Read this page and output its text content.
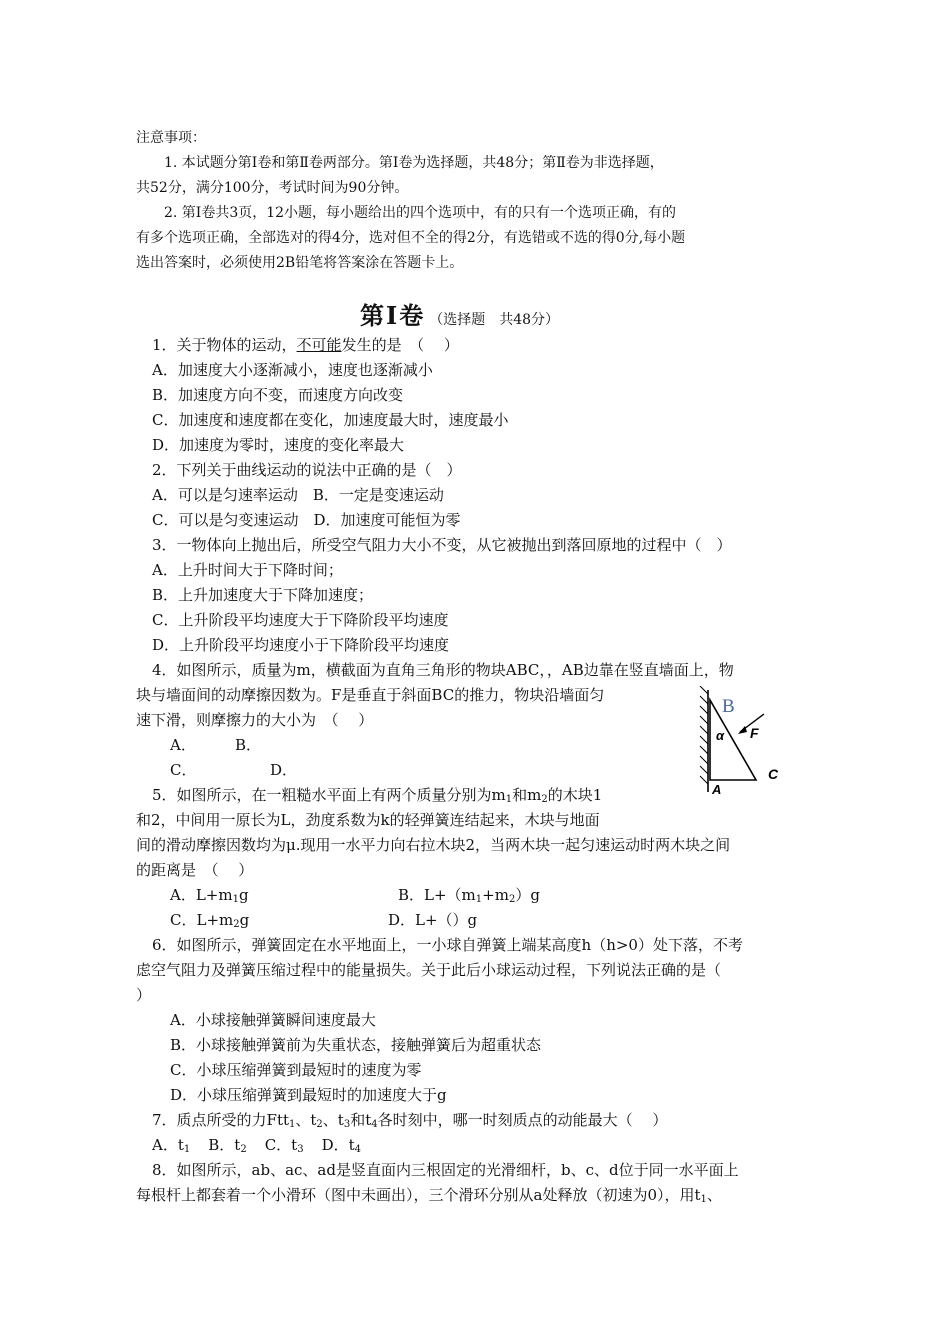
注意事项：
1. 本试题分第Ⅰ卷和第Ⅱ卷两部分。第Ⅰ卷为选择题，共48分；第Ⅱ卷为非选择题，
共52分，满分100分，考试时间为90分钟。
2. 第Ⅰ卷共3页，12小题，每小题给出的四个选项中，有的只有一个选项正确，有的
有多个选项正确，全部选对的得4分，选对但不全的得2分，有选错或不选的得0分,每小题
选出答案时，必须使用2B铅笔将答案涂在答题卡上。
第Ⅰ卷 （选择题　共48分）
1．关于物体的运动，不可能发生的是　（　 ）
A．加速度大小逐渐减小，速度也逐渐减小
B．加速度方向不变，而速度方向改变
C．加速度和速度都在变化，加速度最大时，速度最小
D．加速度为零时，速度的变化率最大
2．下列关于曲线运动的说法中正确的是（　）
A．可以是匀速率运动　B．一定是变速运动
C．可以是匀变速运动　D．加速度可能恒为零
3．一物体向上抛出后，所受空气阻力大小不变，从它被抛出到落回原地的过程中（　）
A．上升时间大于下降时间；
B．上升加速度大于下降加速度；
C．上升阶段平均速度大于下降阶段平均速度
D．上升阶段平均速度小于下降阶段平均速度
4．如图所示，质量为m，横截面为直角三角形的物块ABC，，AB边靠在竖直墙面上，物
块与墙面间的动摩擦因数为。F是垂直于斜面BC的推力，物块沿墙面匀
速下滑，则摩擦力的大小为　（　 ）
A．	B．
C．	D．
B
α F
C
A
5．如图所示，在一粗糙水平面上有两个质量分别为$m_1$和$m_2$的木块1
和2，中间用一原长为L，劲度系数为k的轻弹簧连结起来，木块与地面
间的滑动摩擦因数均为μ.现用一水平力向右拉木块2，当两木块一起匀速运动时两木块之间
的距离是　（　 ）
A．$L+m_1g$	B．$L+(m_1+m_2)g$
C．$L+m_2g$	D．L+（）g
6．如图所示，弹簧固定在水平地面上，一小球自弹簧上端某高度h（h>0）处下落，不考
虑空气阻力及弹簧压缩过程中的能量损失。关于此后小球运动过程，下列说法正确的是（
）
A．小球接触弹簧瞬间速度最大
B．小球接触弹簧前为失重状态，接触弹簧后为超重状态
C．小球压缩弹簧到最短时的速度为零
D．小球压缩弹簧到最短时的加速度大于g
7．质点所受的力Ftt$_1$、$t_2$、$t_3$和$t_4$各时刻中，哪一时刻质点的动能最大（　 ）
A．$t_1$ B．$t_2$ C．$t_3$ D．$t_4$
8．如图所示，ab、ac、ad是竖直面内三根固定的光滑细杆，b、c、d位于同一水平面上
每根杆上都套着一个小滑环（图中未画出），三个滑环分别从a处释放（初速为0），用$t_1$、
